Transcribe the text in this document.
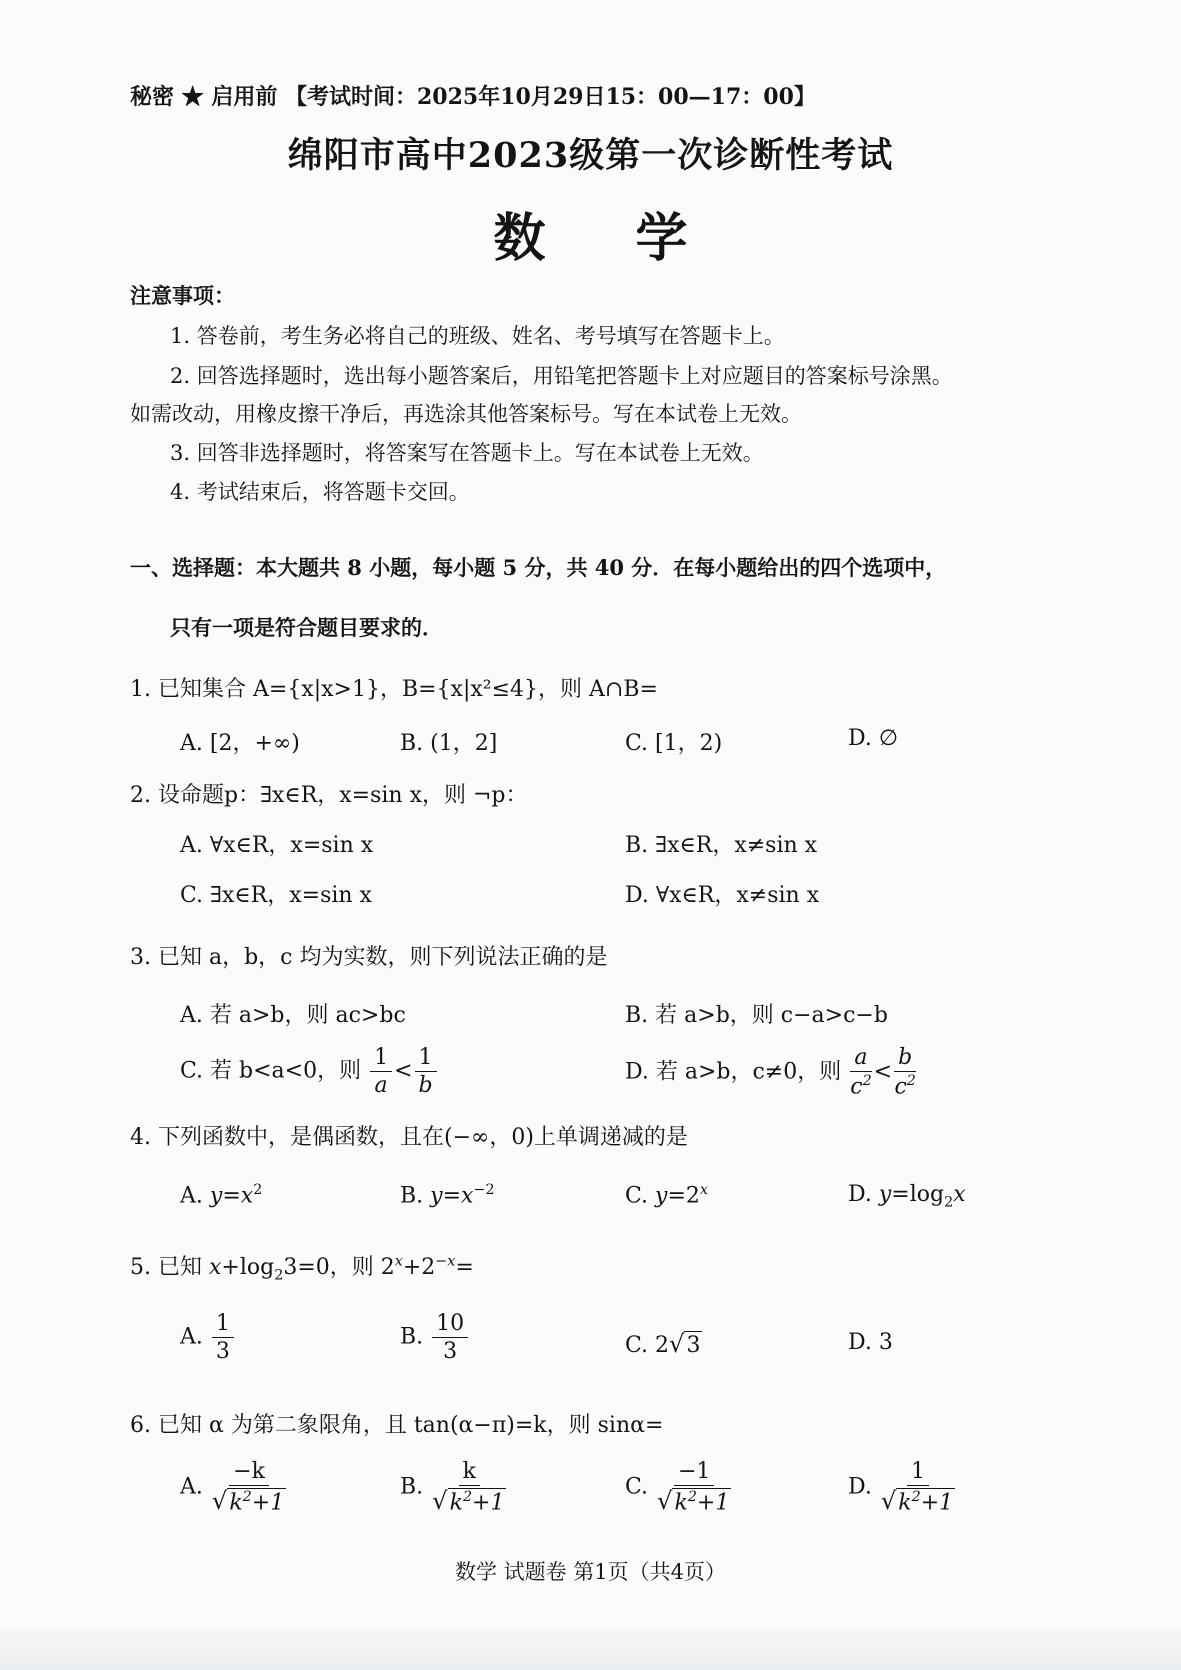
秘密 ★ 启用前 【考试时间：2025年10月29日15：00—17：00】
绵阳市高中2023级第一次诊断性考试
数学
注意事项：
1. 答卷前，考生务必将自己的班级、姓名、考号填写在答题卡上。
2. 回答选择题时，选出每小题答案后，用铅笔把答题卡上对应题目的答案标号涂黑。
如需改动，用橡皮擦干净后，再选涂其他答案标号。写在本试卷上无效。
3. 回答非选择题时，将答案写在答题卡上。写在本试卷上无效。
4. 考试结束后，将答题卡交回。
一、选择题：本大题共 8 小题，每小题 5 分，共 40 分．在每小题给出的四个选项中，
只有一项是符合题目要求的．
1. 已知集合 A={x|x>1}，B={x|x²≤4}，则 A∩B=
A. [2，+∞)	B. (1，2]	C. [1，2)	D. ∅
2. 设命题p：∃x∈R，x=sin x，则 ¬p：
A. ∀x∈R，x=sin x	B. ∃x∈R，x≠sin x
C. ∃x∈R，x=sin x	D. ∀x∈R，x≠sin x
3. 已知 a，b，c 均为实数，则下列说法正确的是
A. 若 a>b，则 ac>bc	B. 若 a>b，则 c−a>c−b
C. 若 b<a<0，则 $\frac{1}{a} < \frac{1}{b}$	D. 若 a>b，c≠0，则 $\frac{a}{c^2} < \frac{b}{c^2}$
4. 下列函数中，是偶函数，且在(−∞，0)上单调递减的是
A. $y=x^2$	B. $y=x^{-2}$	C. $y=2^x$	D. $y=\log_2x$
5. 已知 $x+\log_23=0$，则 $2^x+2^{-x}=$
A. $\frac{1}{3}$	B. $\frac{10}{3}$	C. 2 √ 3	D. 3
6. 已知 α 为第二象限角，且 tan(α−π)=k，则 sinα=
A. $\frac{-k}{√ k^2+1}$	B. $\frac{k}{√ k^2+1}$	C. $\frac{-1}{√ k^2+1}$	D. $\frac{1}{√ k^2+1}$
数学 试题卷 第1页（共4页）
